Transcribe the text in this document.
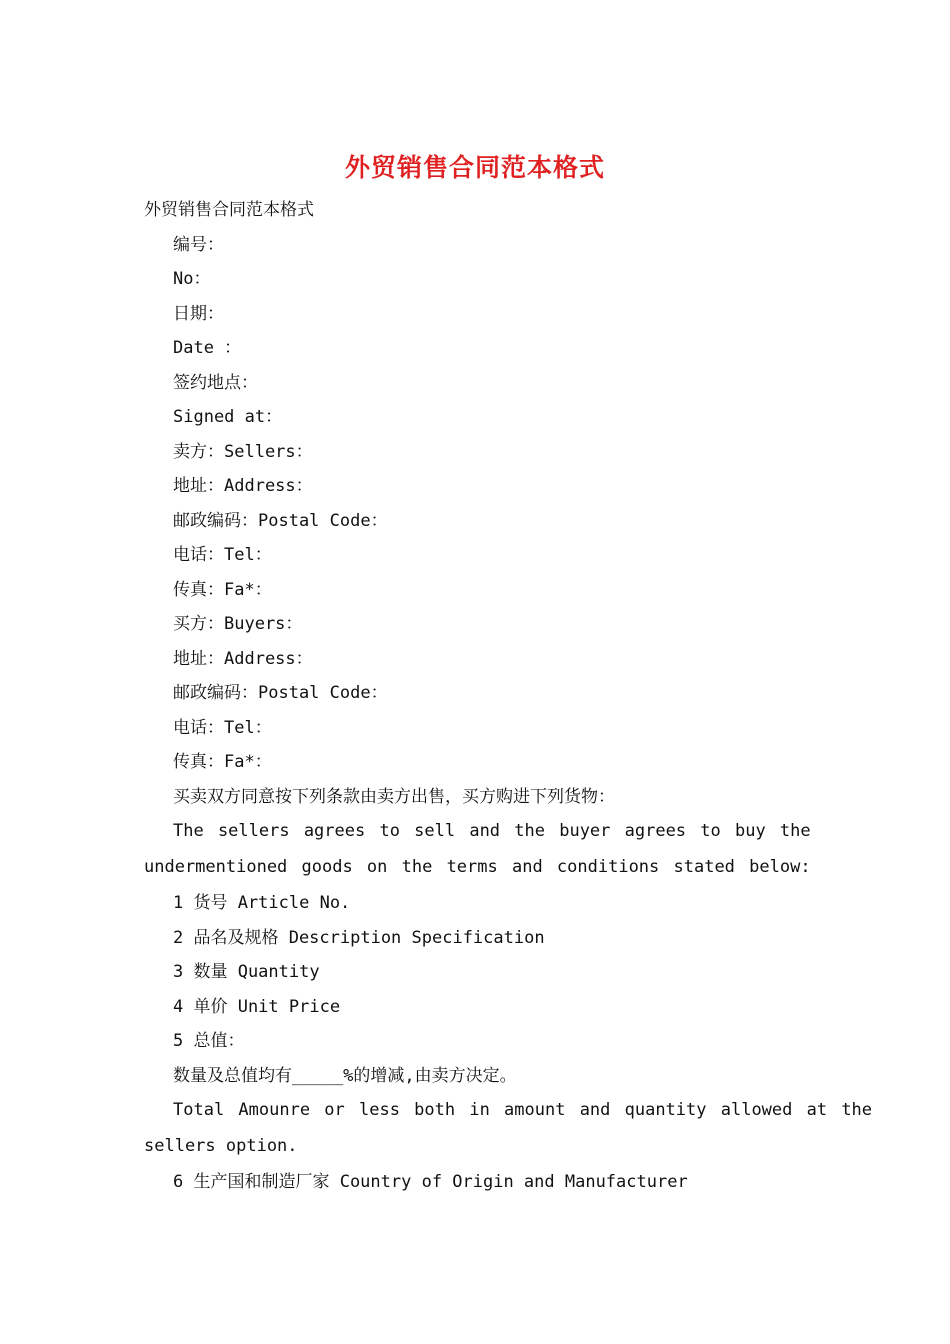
外贸销售合同范本格式
外贸销售合同范本格式
编号：
No：
日期：
Date ：
签约地点：
Signed at：
卖方：Sellers：
地址：Address：
邮政编码：Postal Code：
电话：Tel：
传真：Fa*：
买方：Buyers：
地址：Address：
邮政编码：Postal Code：
电话：Tel：
传真：Fa*：
买卖双方同意按下列条款由卖方出售，买方购进下列货物：
The sellers agrees to sell and the buyer agrees to buy the
undermentioned goods on the terms and conditions stated below:
1 货号 Article No.
2 品名及规格 Description Specification
3 数量 Quantity
4 单价 Unit Price
5 总值：
数量及总值均有_____%的增减,由卖方决定。
Total Amounre or less both in amount and quantity allowed at the
sellers option.
6 生产国和制造厂家 Country of Origin and Manufacturer
